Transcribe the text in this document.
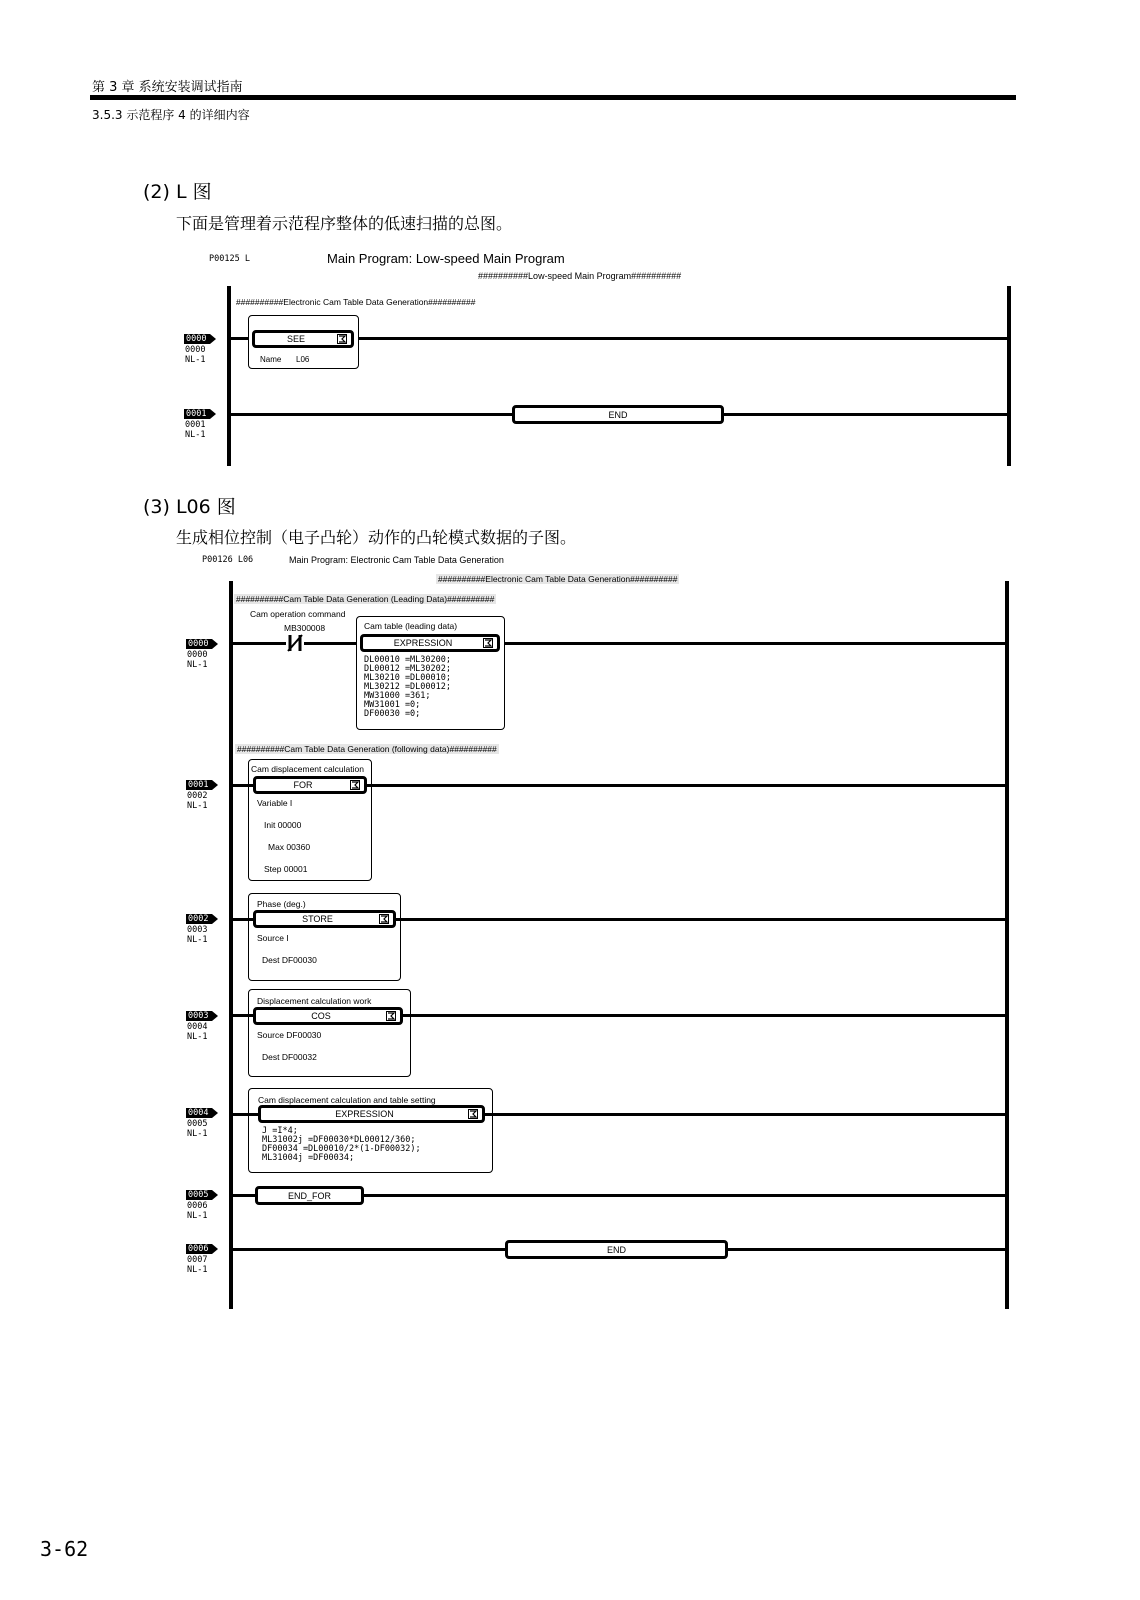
第 3 章 系统安装调试指南
3.5.3 示范程序 4 的详细内容
(2) L 图
下面是管理着示范程序整体的低速扫描的总图。
P00125 L	Main Program: Low-speed Main Program
##########Low-speed Main Program##########
##########Electronic Cam Table Data Generation##########
0000
0000
NL-1
SEE
Name L06
0001
0001
NL-1
END
(3) L06 图
生成相位控制（电子凸轮）动作的凸轮模式数据的子图。
P00126 L06	Main Program: Electronic Cam Table Data Generation
##########Electronic Cam Table Data Generation##########
##########Cam Table Data Generation (Leading Data)##########
Cam operation command
MB300008
0000
0000
NL-1
Cam table (leading data)
EXPRESSION
DL00010 =ML30200;
DL00012 =ML30202;
ML30210 =DL00010;
ML30212 =DL00012;
MW31000 =361;
MW31001 =0;
DF00030 =0;
##########Cam Table Data Generation (following data)##########
Cam displacement calculation
0001
0002
NL-1
FOR
Variable I
Init 00000
Max 00360
Step 00001
Phase (deg.)
0002
0003
NL-1
STORE
Source I
Dest DF00030
Displacement calculation work
0003
0004
NL-1
COS
Source DF00030
Dest DF00032
Cam displacement calculation and table setting
0004
0005
NL-1
EXPRESSION
J =I*4;
ML31002j =DF00030*DL00012/360;
DF00034 =DL00010/2*(1-DF00032);
ML31004j =DF00034;
0005
0006
NL-1
END_FOR
0006
0007
NL-1
END
3-62
